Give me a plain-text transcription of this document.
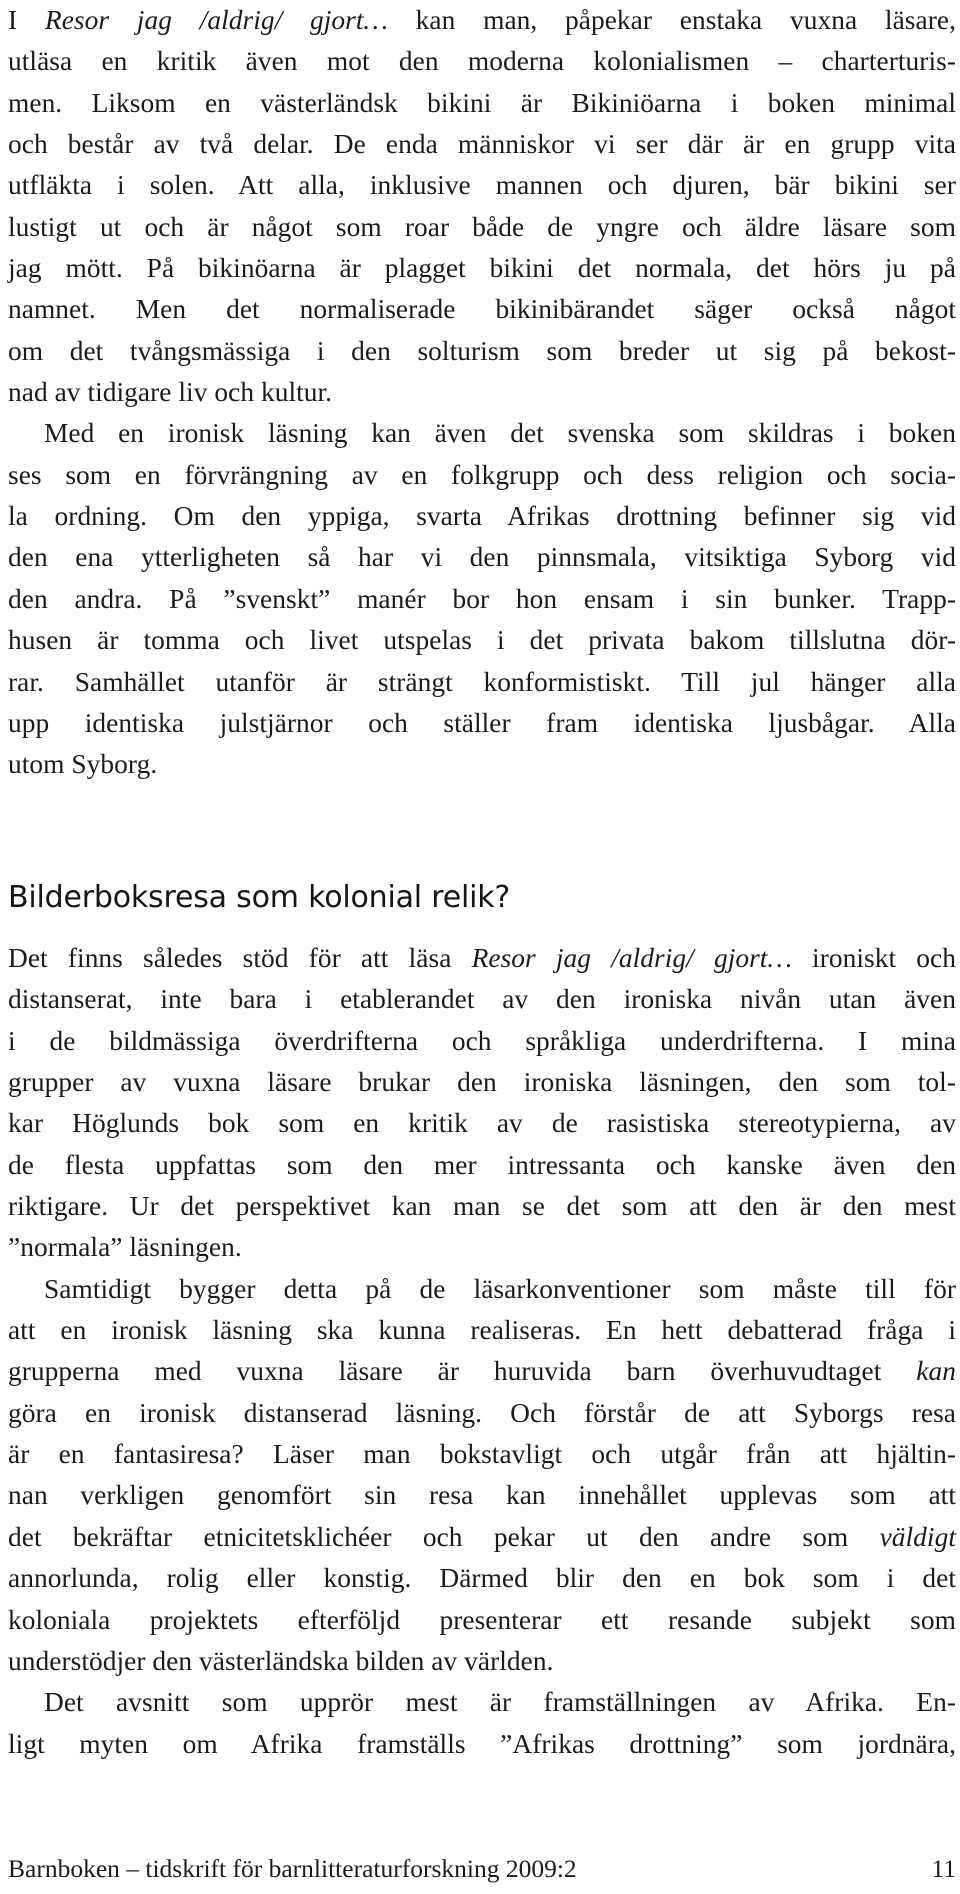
I Resor jag /aldrig/ gjort… kan man, påpekar enstaka vuxna läsare,
utläsa en kritik även mot den moderna kolonialismen – charterturis-
men. Liksom en västerländsk bikini är Bikiniöarna i boken minimal
och består av två delar. De enda människor vi ser där är en grupp vita
utfläkta i solen. Att alla, inklusive mannen och djuren, bär bikini ser
lustigt ut och är något som roar både de yngre och äldre läsare som
jag mött. På bikinöarna är plagget bikini det normala, det hörs ju på
namnet. Men det normaliserade bikinibärandet säger också något
om det tvångsmässiga i den solturism som breder ut sig på bekost-
nad av tidigare liv och kultur.
Med en ironisk läsning kan även det svenska som skildras i boken
ses som en förvrängning av en folkgrupp och dess religion och socia-
la ordning. Om den yppiga, svarta Afrikas drottning befinner sig vid
den ena ytterligheten så har vi den pinnsmala, vitsiktiga Syborg vid
den andra. På ”svenskt” manér bor hon ensam i sin bunker. Trapp-
husen är tomma och livet utspelas i det privata bakom tillslutna dör-
rar. Samhället utanför är strängt konformistiskt. Till jul hänger alla
upp identiska julstjärnor och ställer fram identiska ljusbågar. Alla
utom Syborg.
Bilderboksresa som kolonial relik?
Det finns således stöd för att läsa Resor jag /aldrig/ gjort… ironiskt och
distanserat, inte bara i etablerandet av den ironiska nivån utan även
i de bildmässiga överdrifterna och språkliga underdrifterna. I mina
grupper av vuxna läsare brukar den ironiska läsningen, den som tol-
kar Höglunds bok som en kritik av de rasistiska stereotypierna, av
de flesta uppfattas som den mer intressanta och kanske även den
riktigare. Ur det perspektivet kan man se det som att den är den mest
”normala” läsningen.
Samtidigt bygger detta på de läsarkonventioner som måste till för
att en ironisk läsning ska kunna realiseras. En hett debatterad fråga i
grupperna med vuxna läsare är huruvida barn överhuvudtaget kan
göra en ironisk distanserad läsning. Och förstår de att Syborgs resa
är en fantasiresa? Läser man bokstavligt och utgår från att hjältin-
nan verkligen genomfört sin resa kan innehållet upplevas som att
det bekräftar etnicitetsklichéer och pekar ut den andre som väldigt
annorlunda, rolig eller konstig. Därmed blir den en bok som i det
koloniala projektets efterföljd presenterar ett resande subjekt som
understödjer den västerländska bilden av världen.
Det avsnitt som upprör mest är framställningen av Afrika. En-
ligt myten om Afrika framställs ”Afrikas drottning” som jordnära,
Barnboken – tidskrift för barnlitteraturforskning 2009:2	11
